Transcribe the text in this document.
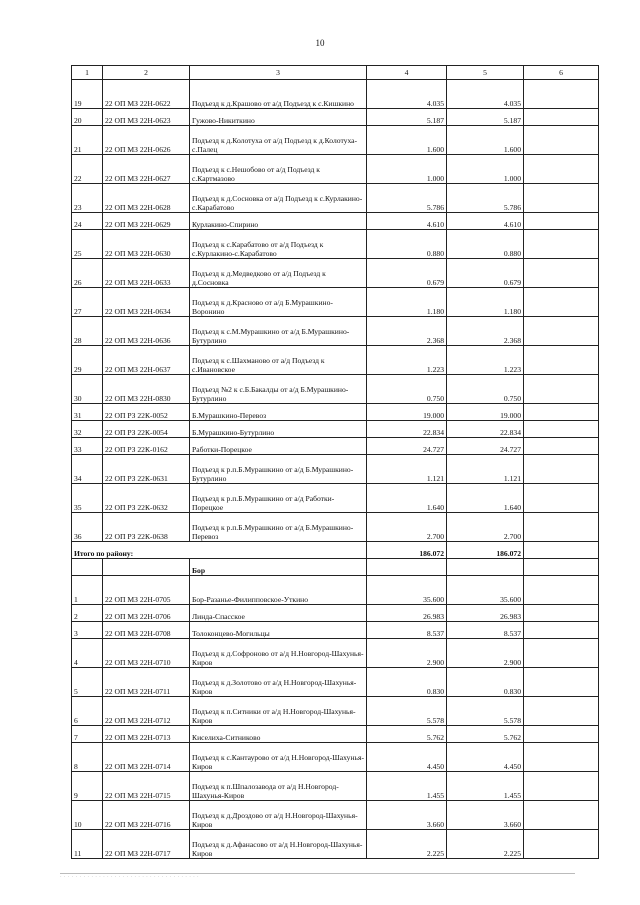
10
1	2	3	4	5	6
19	22 ОП МЗ 22Н-0622	Подъезд к д.Крашово от а/д Подъезд к с.Кишкино	4.035	4.035	
20	22 ОП МЗ 22Н-0623	Гужово-Никиткино	5.187	5.187	
21	22 ОП МЗ 22Н-0626	Подъезд к д.Колотуха от а/д Подъезд к д.Колотуха-с.Палец	1.600	1.600	
22	22 ОП МЗ 22Н-0627	Подъезд к с.Нешобово от а/д Подъезд к с.Картмазово	1.000	1.000	
23	22 ОП МЗ 22Н-0628	Подъезд к д.Сосновка от а/д Подъезд к с.Курлакино-с.Карабатово	5.786	5.786	
24	22 ОП МЗ 22Н-0629	Курлакино-Спирино	4.610	4.610	
25	22 ОП МЗ 22Н-0630	Подъезд к с.Карабатово от а/д Подъезд к с.Курлакино-с.Карабатово	0.880	0.880	
26	22 ОП МЗ 22Н-0633	Подъезд к д.Медведково от а/д Подъезд к д.Сосновка	0.679	0.679	
27	22 ОП МЗ 22Н-0634	Подъезд к д.Красново от а/д Б.Мурашкино-Воронино	1.180	1.180	
28	22 ОП МЗ 22Н-0636	Подъезд к с.М.Мурашкино от а/д Б.Мурашкино-Бутурлино	2.368	2.368	
29	22 ОП МЗ 22Н-0637	Подъезд к с.Шахманово от а/д Подъезд к с.Ивановское	1.223	1.223	
30	22 ОП МЗ 22Н-0830	Подъезд №2 к с.Б.Бакалды от а/д Б.Мурашкино-Бутурлино	0.750	0.750	
31	22 ОП РЗ 22К-0052	Б.Мурашкино-Перевоз	19.000	19.000	
32	22 ОП РЗ 22К-0054	Б.Мурашкино-Бутурлино	22.834	22.834	
33	22 ОП РЗ 22К-0162	Работки-Порецкое	24.727	24.727	
34	22 ОП РЗ 22К-0631	Подъезд к р.п.Б.Мурашкино от а/д Б.Мурашкино-Бутурлино	1.121	1.121	
35	22 ОП РЗ 22К-0632	Подъезд к р.п.Б.Мурашкино от а/д Работки-Порецкое	1.640	1.640	
36	22 ОП РЗ 22К-0638	Подъезд к р.п.Б.Мурашкино от а/д Б.Мурашкино-Перевоз	2.700	2.700	
Итого по району:			186.072	186.072	
		Бор			
1	22 ОП МЗ 22Н-0705	Бор-Разанье-Филипповское-Уткино	35.600	35.600	
2	22 ОП МЗ 22Н-0706	Линда-Спасское	26.983	26.983	
3	22 ОП МЗ 22Н-0708	Толоконцево-Могильцы	8.537	8.537	
4	22 ОП МЗ 22Н-0710	Подъезд к д.Софроново от а/д Н.Новгород-Шахунья-Киров	2.900	2.900	
5	22 ОП МЗ 22Н-0711	Подъезд к д.Золотово от а/д Н.Новгород-Шахунья-Киров	0.830	0.830	
6	22 ОП МЗ 22Н-0712	Подъезд к п.Ситники от а/д Н.Новгород-Шахунья-Киров	5.578	5.578	
7	22 ОП МЗ 22Н-0713	Киселиха-Ситниково	5.762	5.762	
8	22 ОП МЗ 22Н-0714	Подъезд к с.Кантаурово от а/д Н.Новгород-Шахунья-Киров	4.450	4.450	
9	22 ОП МЗ 22Н-0715	Подъезд к п.Шпалозавода от а/д Н.Новгород-Шахунья-Киров	1.455	1.455	
10	22 ОП МЗ 22Н-0716	Подъезд к д.Дроздово от а/д Н.Новгород-Шахунья-Киров	3.660	3.660	
11	22 ОП МЗ 22Н-0717	Подъезд к д.Афанасово от а/д Н.Новгород-Шахунья-Киров	2.225	2.225	
· · · · · · · · · · · · · · · · · · · · · · · · · · · · · · · · · · · ·
